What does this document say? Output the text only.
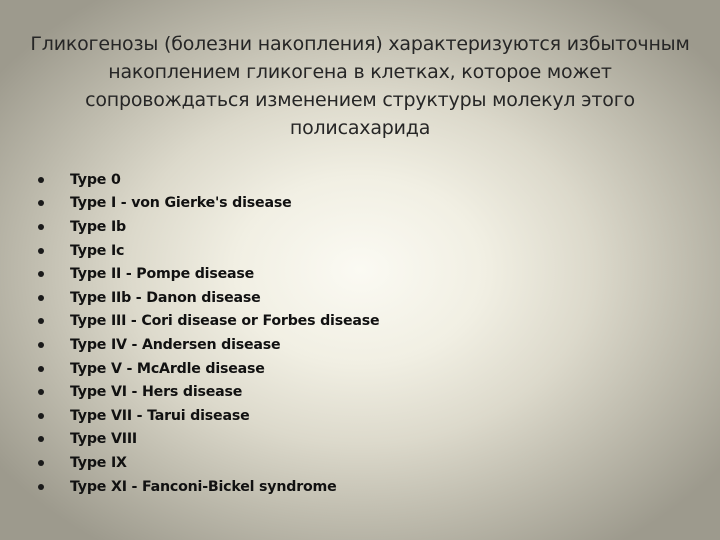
Гликогенозы (болезни накопления) характеризуются избыточным накоплением гликогена в клетках, которое может сопровождаться изменением структуры молекул этого полисахарида
Type 0
Type I - von Gierke's disease
Type Ib
Type Ic
Type II - Pompe disease
Type IIb - Danon disease
Type III - Cori disease or Forbes disease
Type IV - Andersen disease
Type V - McArdle disease
Type VI - Hers disease
Type VII - Tarui disease
Type VIII
Type IX
Type XI - Fanconi-Bickel syndrome
